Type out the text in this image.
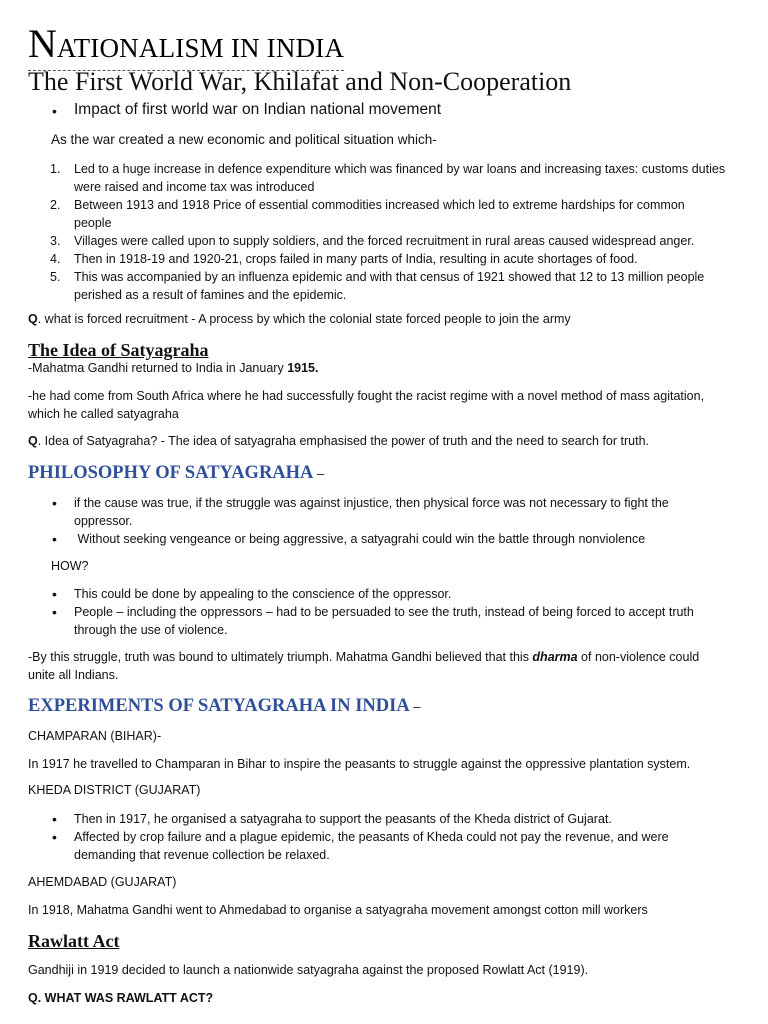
NATIONALISM IN INDIA
The First World War, Khilafat and Non-Cooperation
Impact of first world war on Indian national movement
As the war created a new economic and political situation which-
1. Led to a huge increase in defence expenditure which was financed by war loans and increasing taxes: customs duties
were raised and income tax was introduced
2. Between 1913 and 1918 Price of essential commodities increased which led to extreme hardships for common
people
3. Villages were called upon to supply soldiers, and the forced recruitment in rural areas caused widespread anger.
4. Then in 1918-19 and 1920-21, crops failed in many parts of India, resulting in acute shortages of food.
5. This was accompanied by an influenza epidemic and with that census of 1921 showed that 12 to 13 million people
perished as a result of famines and the epidemic.
Q. what is forced recruitment - A process by which the colonial state forced people to join the army
The Idea of Satyagraha
-Mahatma Gandhi returned to India in January 1915.
-he had come from South Africa where he had successfully fought the racist regime with a novel method of mass agitation,
which he called satyagraha
Q. Idea of Satyagraha? - The idea of satyagraha emphasised the power of truth and the need to search for truth.
PHILOSOPHY OF SATYAGRAHA –
• if the cause was true, if the struggle was against injustice, then physical force was not necessary to fight the
oppressor.
•  Without seeking vengeance or being aggressive, a satyagrahi could win the battle through nonviolence
HOW?
• This could be done by appealing to the conscience of the oppressor.
• People – including the oppressors – had to be persuaded to see the truth, instead of being forced to accept truth
through the use of violence.
-By this struggle, truth was bound to ultimately triumph. Mahatma Gandhi believed that this dharma of non-violence could
unite all Indians.
EXPERIMENTS OF SATYAGRAHA IN INDIA –
CHAMPARAN (BIHAR)-
In 1917 he travelled to Champaran in Bihar to inspire the peasants to struggle against the oppressive plantation system.
KHEDA DISTRICT (GUJARAT)
• Then in 1917, he organised a satyagraha to support the peasants of the Kheda district of Gujarat.
• Affected by crop failure and a plague epidemic, the peasants of Kheda could not pay the revenue, and were
demanding that revenue collection be relaxed.
AHEMDABAD (GUJARAT)
In 1918, Mahatma Gandhi went to Ahmedabad to organise a satyagraha movement amongst cotton mill workers
Rawlatt Act
Gandhiji in 1919 decided to launch a nationwide satyagraha against the proposed Rowlatt Act (1919).
Q. WHAT WAS RAWLATT ACT?
